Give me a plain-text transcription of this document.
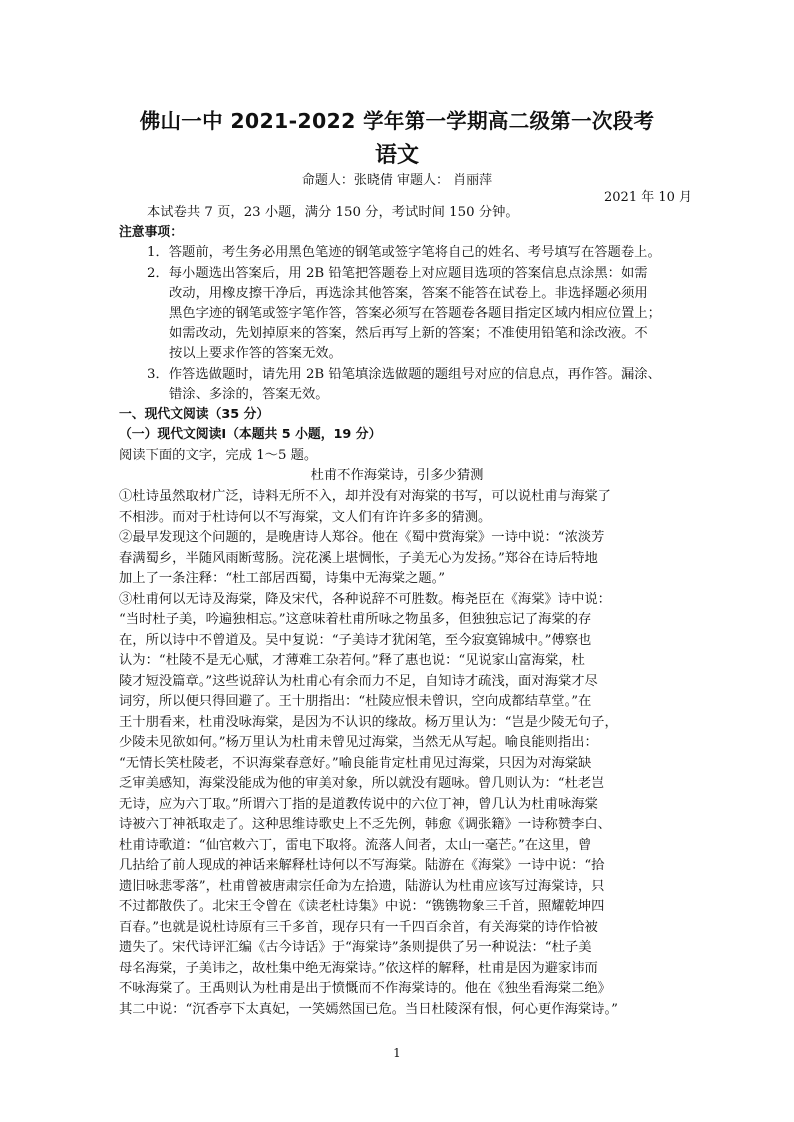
佛山一中 2021-2022 学年第一学期高二级第一次段考
语文
命题人：张晓倩 审题人： 肖丽萍
2021 年 10 月
本试卷共 7 页，23 小题，满分 150 分，考试时间 150 分钟。
注意事项：
1．答题前，考生务必用黑色笔迹的钢笔或签字笔将自己的姓名、考号填写在答题卷上。
2．每小题选出答案后，用 2B 铅笔把答题卷上对应题目选项的答案信息点涂黑：如需
改动，用橡皮擦干净后，再选涂其他答案，答案不能答在试卷上。非选择题必须用
黑色字迹的钢笔或签字笔作答，答案必须写在答题卷各题目指定区域内相应位置上；
如需改动，先划掉原来的答案，然后再写上新的答案；不准使用铅笔和涂改液。不
按以上要求作答的答案无效。
3．作答选做题时，请先用 2B 铅笔填涂选做题的题组号对应的信息点，再作答。漏涂、
错涂、多涂的，答案无效。
一、现代文阅读（35 分）
（一）现代文阅读Ⅰ（本题共 5 小题，19 分）
阅读下面的文字，完成 1～5 题。
杜甫不作海棠诗，引多少猜测
①杜诗虽然取材广泛，诗料无所不入，却并没有对海棠的书写，可以说杜甫与海棠了
不相涉。而对于杜诗何以不写海棠，文人们有许许多多的猜测。
②最早发现这个问题的，是晚唐诗人郑谷。他在《蜀中赏海棠》一诗中说：“浓淡芳
春满蜀乡，半随风雨断莺肠。浣花溪上堪惆怅，子美无心为发扬。”郑谷在诗后特地
加上了一条注释：“杜工部居西蜀，诗集中无海棠之题。”
③杜甫何以无诗及海棠，降及宋代，各种说辞不可胜数。梅尧臣在《海棠》诗中说：
“当时杜子美，吟遍独相忘。”这意味着杜甫所咏之物虽多，但独独忘记了海棠的存
在，所以诗中不曾道及。吴中复说：“子美诗才犹闲笔，至今寂寞锦城中。”傅察也
认为：“杜陵不是无心赋，才薄难工杂若何。”释了惠也说：“见说家山富海棠，杜
陵才短没篇章。”这些说辞认为杜甫心有余而力不足，自知诗才疏浅，面对海棠才尽
词穷，所以便只得回避了。王十朋指出：“杜陵应恨未曾识，空向成都结草堂。”在
王十朋看来，杜甫没咏海棠，是因为不认识的缘故。杨万里认为：“岂是少陵无句子，
少陵未见欲如何。”杨万里认为杜甫未曾见过海棠，当然无从写起。喻良能则指出：
“无情长笑杜陵老，不识海棠春意好。”喻良能肯定杜甫见过海棠，只因为对海棠缺
乏审美感知，海棠没能成为他的审美对象，所以就没有题咏。曾几则认为：“杜老岂
无诗，应为六丁取。”所谓六丁指的是道教传说中的六位丁神，曾几认为杜甫咏海棠
诗被六丁神祇取走了。这种思维诗歌史上不乏先例，韩愈《调张籍》一诗称赞李白、
杜甫诗歌道：“仙官敕六丁，雷电下取将。流落人间者，太山一毫芒。”在这里，曾
几拈给了前人现成的神话来解释杜诗何以不写海棠。陆游在《海棠》一诗中说：“拾
遗旧咏悲零落”，杜甫曾被唐肃宗任命为左拾遗，陆游认为杜甫应该写过海棠诗，只
不过都散佚了。北宋王令曾在《读老杜诗集》中说：“镌镌物象三千首，照耀乾坤四
百春。”也就是说杜诗原有三千多首，现存只有一千四百余首，有关海棠的诗作恰被
遗失了。宋代诗评汇编《古今诗话》于“海棠诗”条则提供了另一种说法：“杜子美
母名海棠，子美讳之，故杜集中绝无海棠诗。”依这样的解释，杜甫是因为避家讳而
不咏海棠了。王禹则认为杜甫是出于愤慨而不作海棠诗的。他在《独坐看海棠二绝》
其二中说：“沉香亭下太真妃，一笑嫣然国已危。当日杜陵深有恨，何心更作海棠诗。”
1
